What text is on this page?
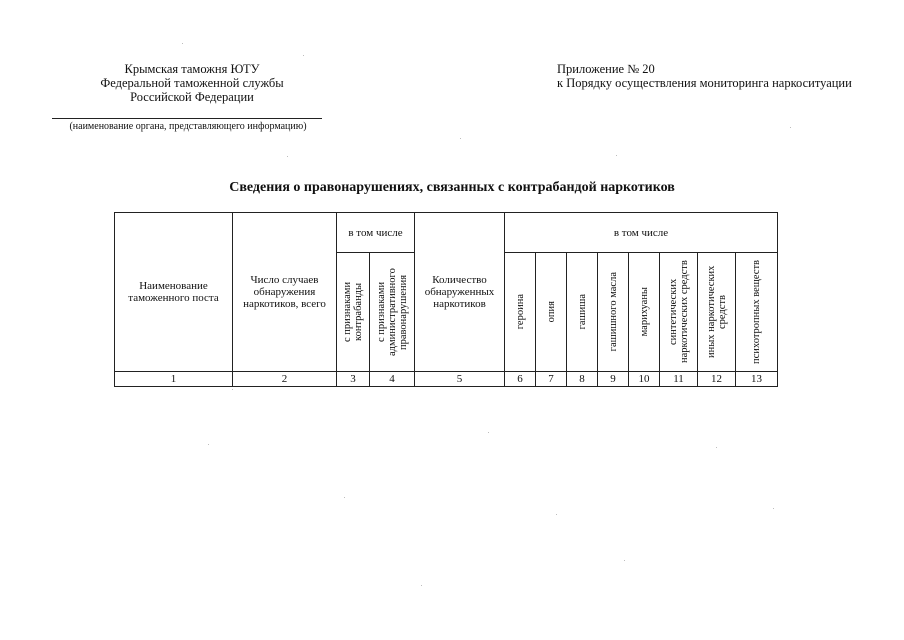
Крымская таможня ЮТУ
Федеральной таможенной службы
Российской Федерации
(наименование органа, представляющего информацию)
Приложение № 20
к Порядку осуществления мониторинга наркоситуации
Сведения о правонарушениях, связанных с контрабандой наркотиков
Наименование таможенного поста	Число случаев обнаружения наркотиков, всего	в том числе		Количество обнаруженных наркотиков	в том числе							

		с признаками контрабанды	с признаками административного правонарушения		героина	опия	гашиша	гашишного масла	марихуаны	синтетических наркотических средств	иных наркотических средств	психотропных веществ

1	2	3	4	5	6	7	8	9	10	11	12	13
